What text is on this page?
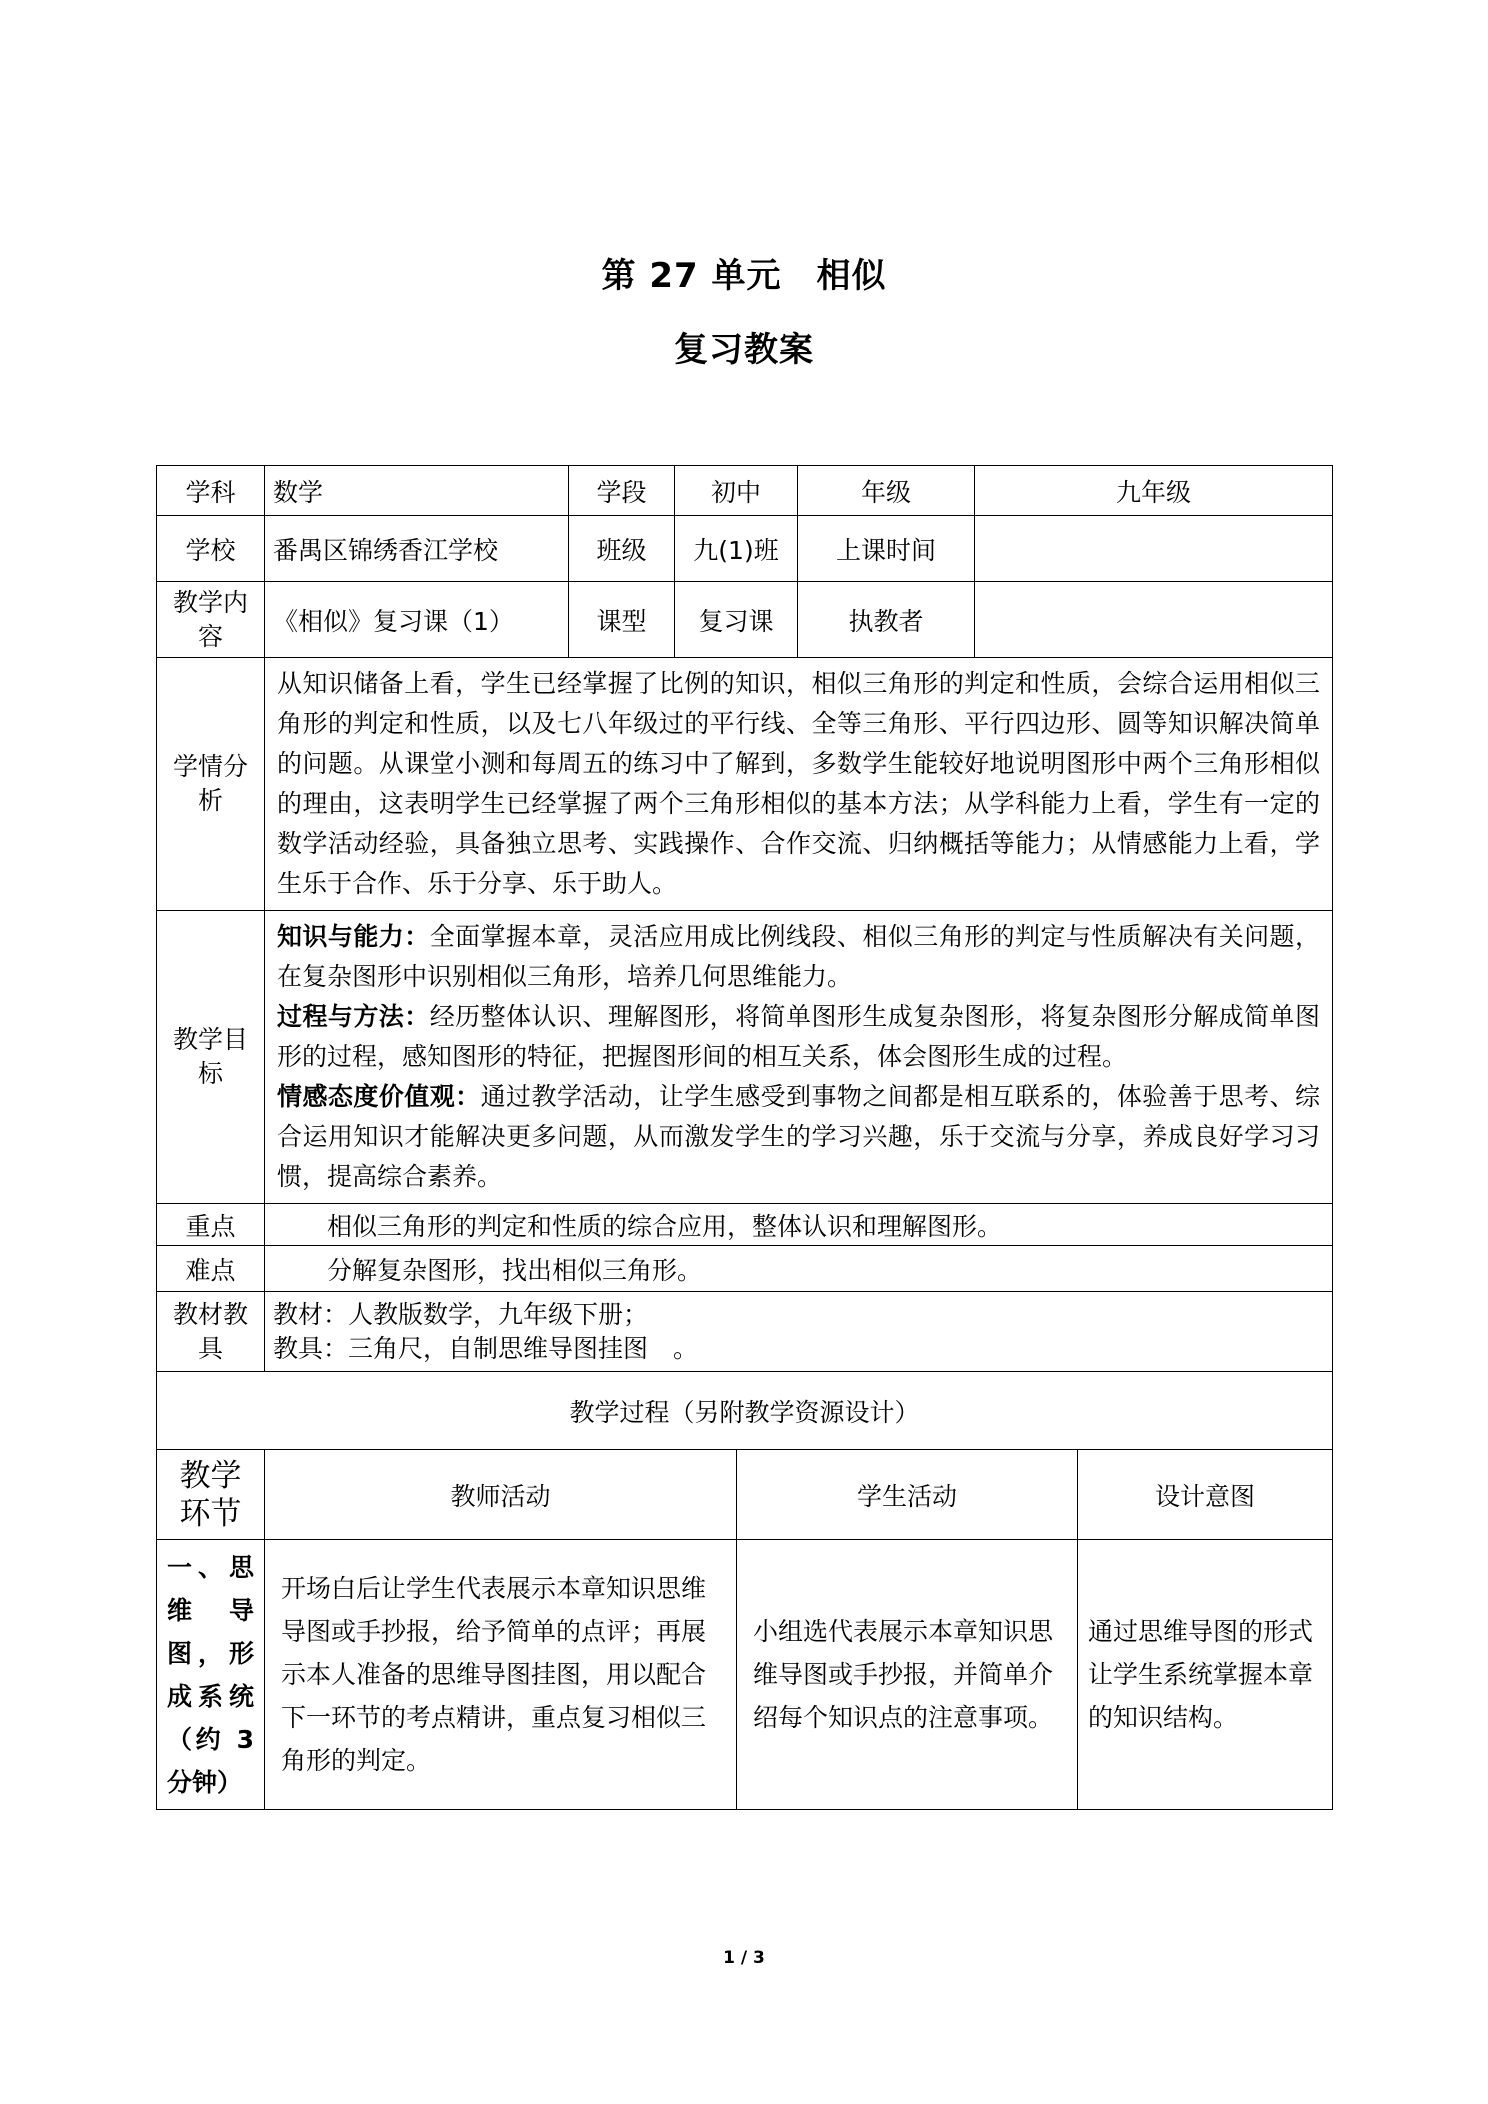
第 27 单元　相似
复习教案
学科	数学	学段	初中		年级	九年级	
学校	番禺区锦绣香江学校	班级	九(1)班		上课时间		
教学内容	《相似》复习课（1）	课型	复习课		执教者		
学情分析	从知识储备上看，学生已经掌握了比例的知识，相似三角形的判定和性质，会综合运用相似三角形的判定和性质，以及七八年级过的平行线、全等三角形、平行四边形、圆等知识解决简单的问题。从课堂小测和每周五的练习中了解到，多数学生能较好地说明图形中两个三角形相似的理由，这表明学生已经掌握了两个三角形相似的基本方法；从学科能力上看，学生有一定的数学活动经验，具备独立思考、实践操作、合作交流、归纳概括等能力；从情感能力上看，学生乐于合作、乐于分享、乐于助人。						
教学目标	知识与能力：全面掌握本章，灵活应用成比例线段、相似三角形的判定与性质解决有关问题，在复杂图形中识别相似三角形，培养几何思维能力。
过程与方法：经历整体认识、理解图形，将简单图形生成复杂图形，将复杂图形分解成简单图形的过程，感知图形的特征，把握图形间的相互关系，体会图形生成的过程。
情感态度价值观：通过教学活动，让学生感受到事物之间都是相互联系的，体验善于思考、综合运用知识才能解决更多问题，从而激发学生的学习兴趣，乐于交流与分享，养成良好学习习惯，提高综合素养。						
重点	相似三角形的判定和性质的综合应用，整体认识和理解图形。						
难点	分解复杂图形，找出相似三角形。						
教材教具	教材：人教版数学，九年级下册；
教具：三角尺，自制思维导图挂图　。						

教学过程（另附教学资源设计）							
教学环节	教师活动			学生活动			设计意图
一、思维导图，形成系统（约 3 分钟）	开场白后让学生代表展示本章知识思维导图或手抄报，给予简单的点评；再展示本人准备的思维导图挂图，用以配合下一环节的考点精讲，重点复习相似三角形的判定。			小组选代表展示本章知识思维导图或手抄报，并简单介绍每个知识点的注意事项。			通过思维导图的形式让学生系统掌握本章的知识结构。
1 / 3
